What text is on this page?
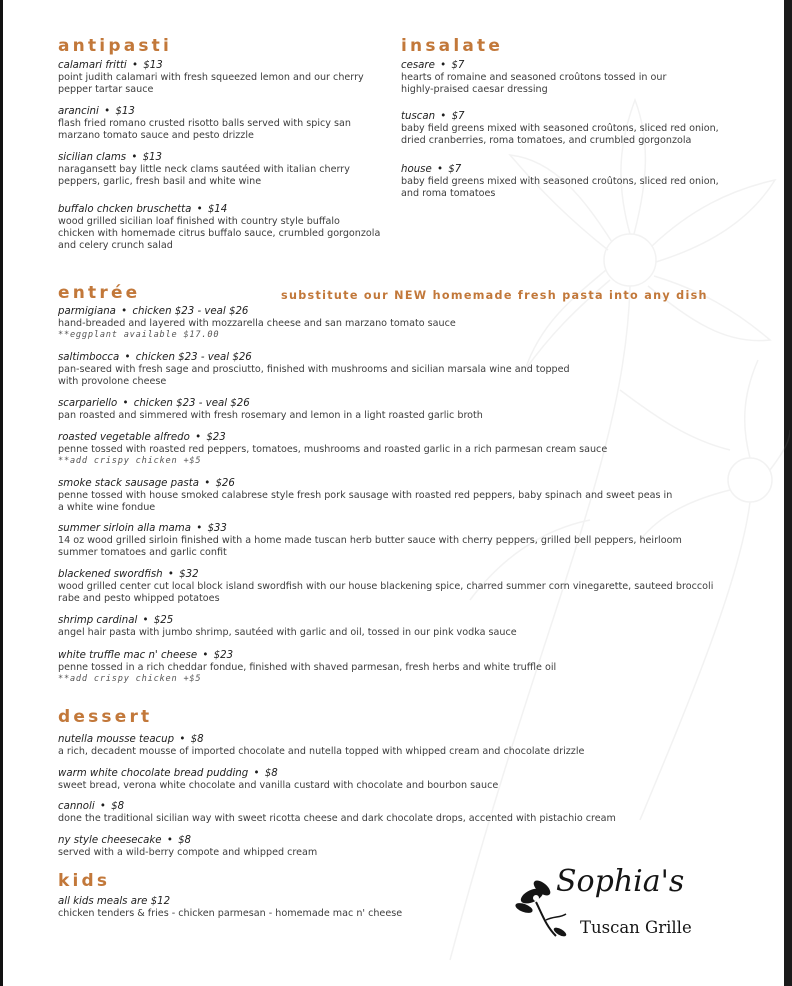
antipasti
calamari fritti • $13
point judith calamari with fresh squeezed lemon and our cherry
pepper tartar sauce
arancini • $13
flash fried romano crusted risotto balls served with spicy san
marzano tomato sauce and pesto drizzle
sicilian clams • $13
naragansett bay little neck clams sautéed with italian cherry
peppers, garlic, fresh basil and white wine
buffalo chcken bruschetta • $14
wood grilled sicilian loaf finished with country style buffalo
chicken with homemade citrus buffalo sauce, crumbled gorgonzola
and celery crunch salad
insalate
cesare • $7
hearts of romaine and seasoned croûtons tossed in our
highly-praised caesar dressing
tuscan • $7
baby field greens mixed with seasoned croûtons, sliced red onion,
dried cranberries, roma tomatoes, and crumbled gorgonzola
house • $7
baby field greens mixed with seasoned croûtons, sliced red onion,
and roma tomatoes
entrée	substitute our NEW homemade fresh pasta into any dish

parmigiana • chicken $23 - veal $26
hand-breaded and layered with mozzarella cheese and san marzano tomato sauce
**eggplant available $17.00
saltimbocca • chicken $23 - veal $26
pan-seared with fresh sage and prosciutto, finished with mushrooms and sicilian marsala wine and topped
with provolone cheese
scarpariello • chicken $23 - veal $26
pan roasted and simmered with fresh rosemary and lemon in a light roasted garlic broth
roasted vegetable alfredo • $23
penne tossed with roasted red peppers, tomatoes, mushrooms and roasted garlic in a rich parmesan cream sauce
**add crispy chicken +$5
smoke stack sausage pasta • $26
penne tossed with house smoked calabrese style fresh pork sausage with roasted red peppers, baby spinach and sweet peas in
a white wine fondue
summer sirloin alla mama • $33
14 oz wood grilled sirloin finished with a home made tuscan herb butter sauce with cherry peppers, grilled bell peppers, heirloom
summer tomatoes and garlic confit
blackened swordfish • $32
wood grilled center cut local block island swordfish with our house blackening spice, charred summer corn vinegarette, sauteed broccoli
rabe and pesto whipped potatoes
shrimp cardinal • $25
angel hair pasta with jumbo shrimp, sautéed with garlic and oil, tossed in our pink vodka sauce
white truffle mac n' cheese • $23
penne tossed in a rich cheddar fondue, finished with shaved parmesan, fresh herbs and white truffle oil
**add crispy chicken +$5
dessert
nutella mousse teacup • $8
a rich, decadent mousse of imported chocolate and nutella topped with whipped cream and chocolate drizzle
warm white chocolate bread pudding • $8
sweet bread, verona white chocolate and vanilla custard with chocolate and bourbon sauce
cannoli • $8
done the traditional sicilian way with sweet ricotta cheese and dark chocolate drops, accented with pistachio cream
ny style cheesecake • $8
served with a wild-berry compote and whipped cream
kids
all kids meals are $12
chicken tenders & fries - chicken parmesan - homemade mac n' cheese
Sophia's
Tuscan Grille
